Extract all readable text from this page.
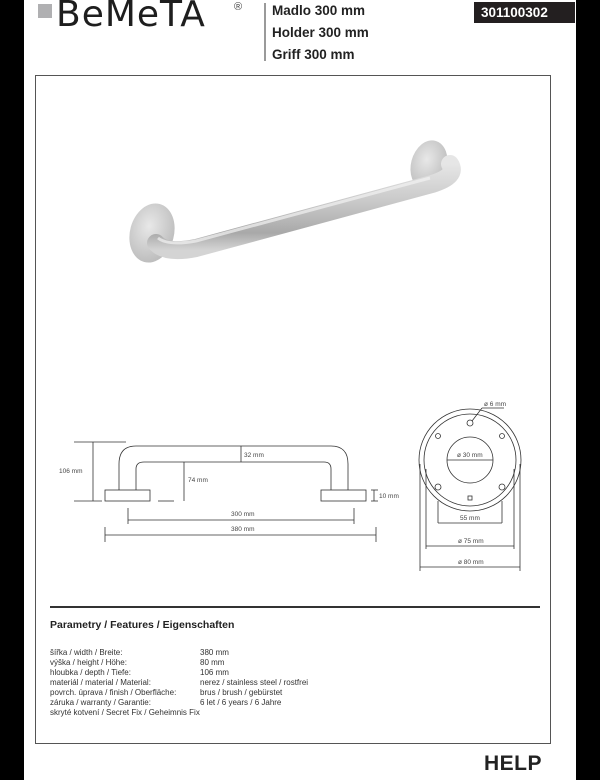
BeMeTA	® Madlo 300 mm
Holder 300 mm
Griff 300 mm
301100302
106 mm
74 mm
32 mm
10 mm
300 mm
380 mm
ø 6 mm
ø 30 mm
55 mm
ø 75 mm
ø 80 mm
Parametry / Features / Eigenschaften
šířka / width / Breite:	380 mm
výška / height / Höhe:	80 mm
hloubka / depth / Tiefe:	106 mm
materiál / material / Material:	nerez / stainless steel / rostfrei
povrch. úprava / finish / Oberfläche:	brus / brush / gebürstet
záruka / warranty / Garantie:	6 let / 6 years / 6 Jahre
skryté kotvení / Secret Fix / Geheimnis Fix
HELP
